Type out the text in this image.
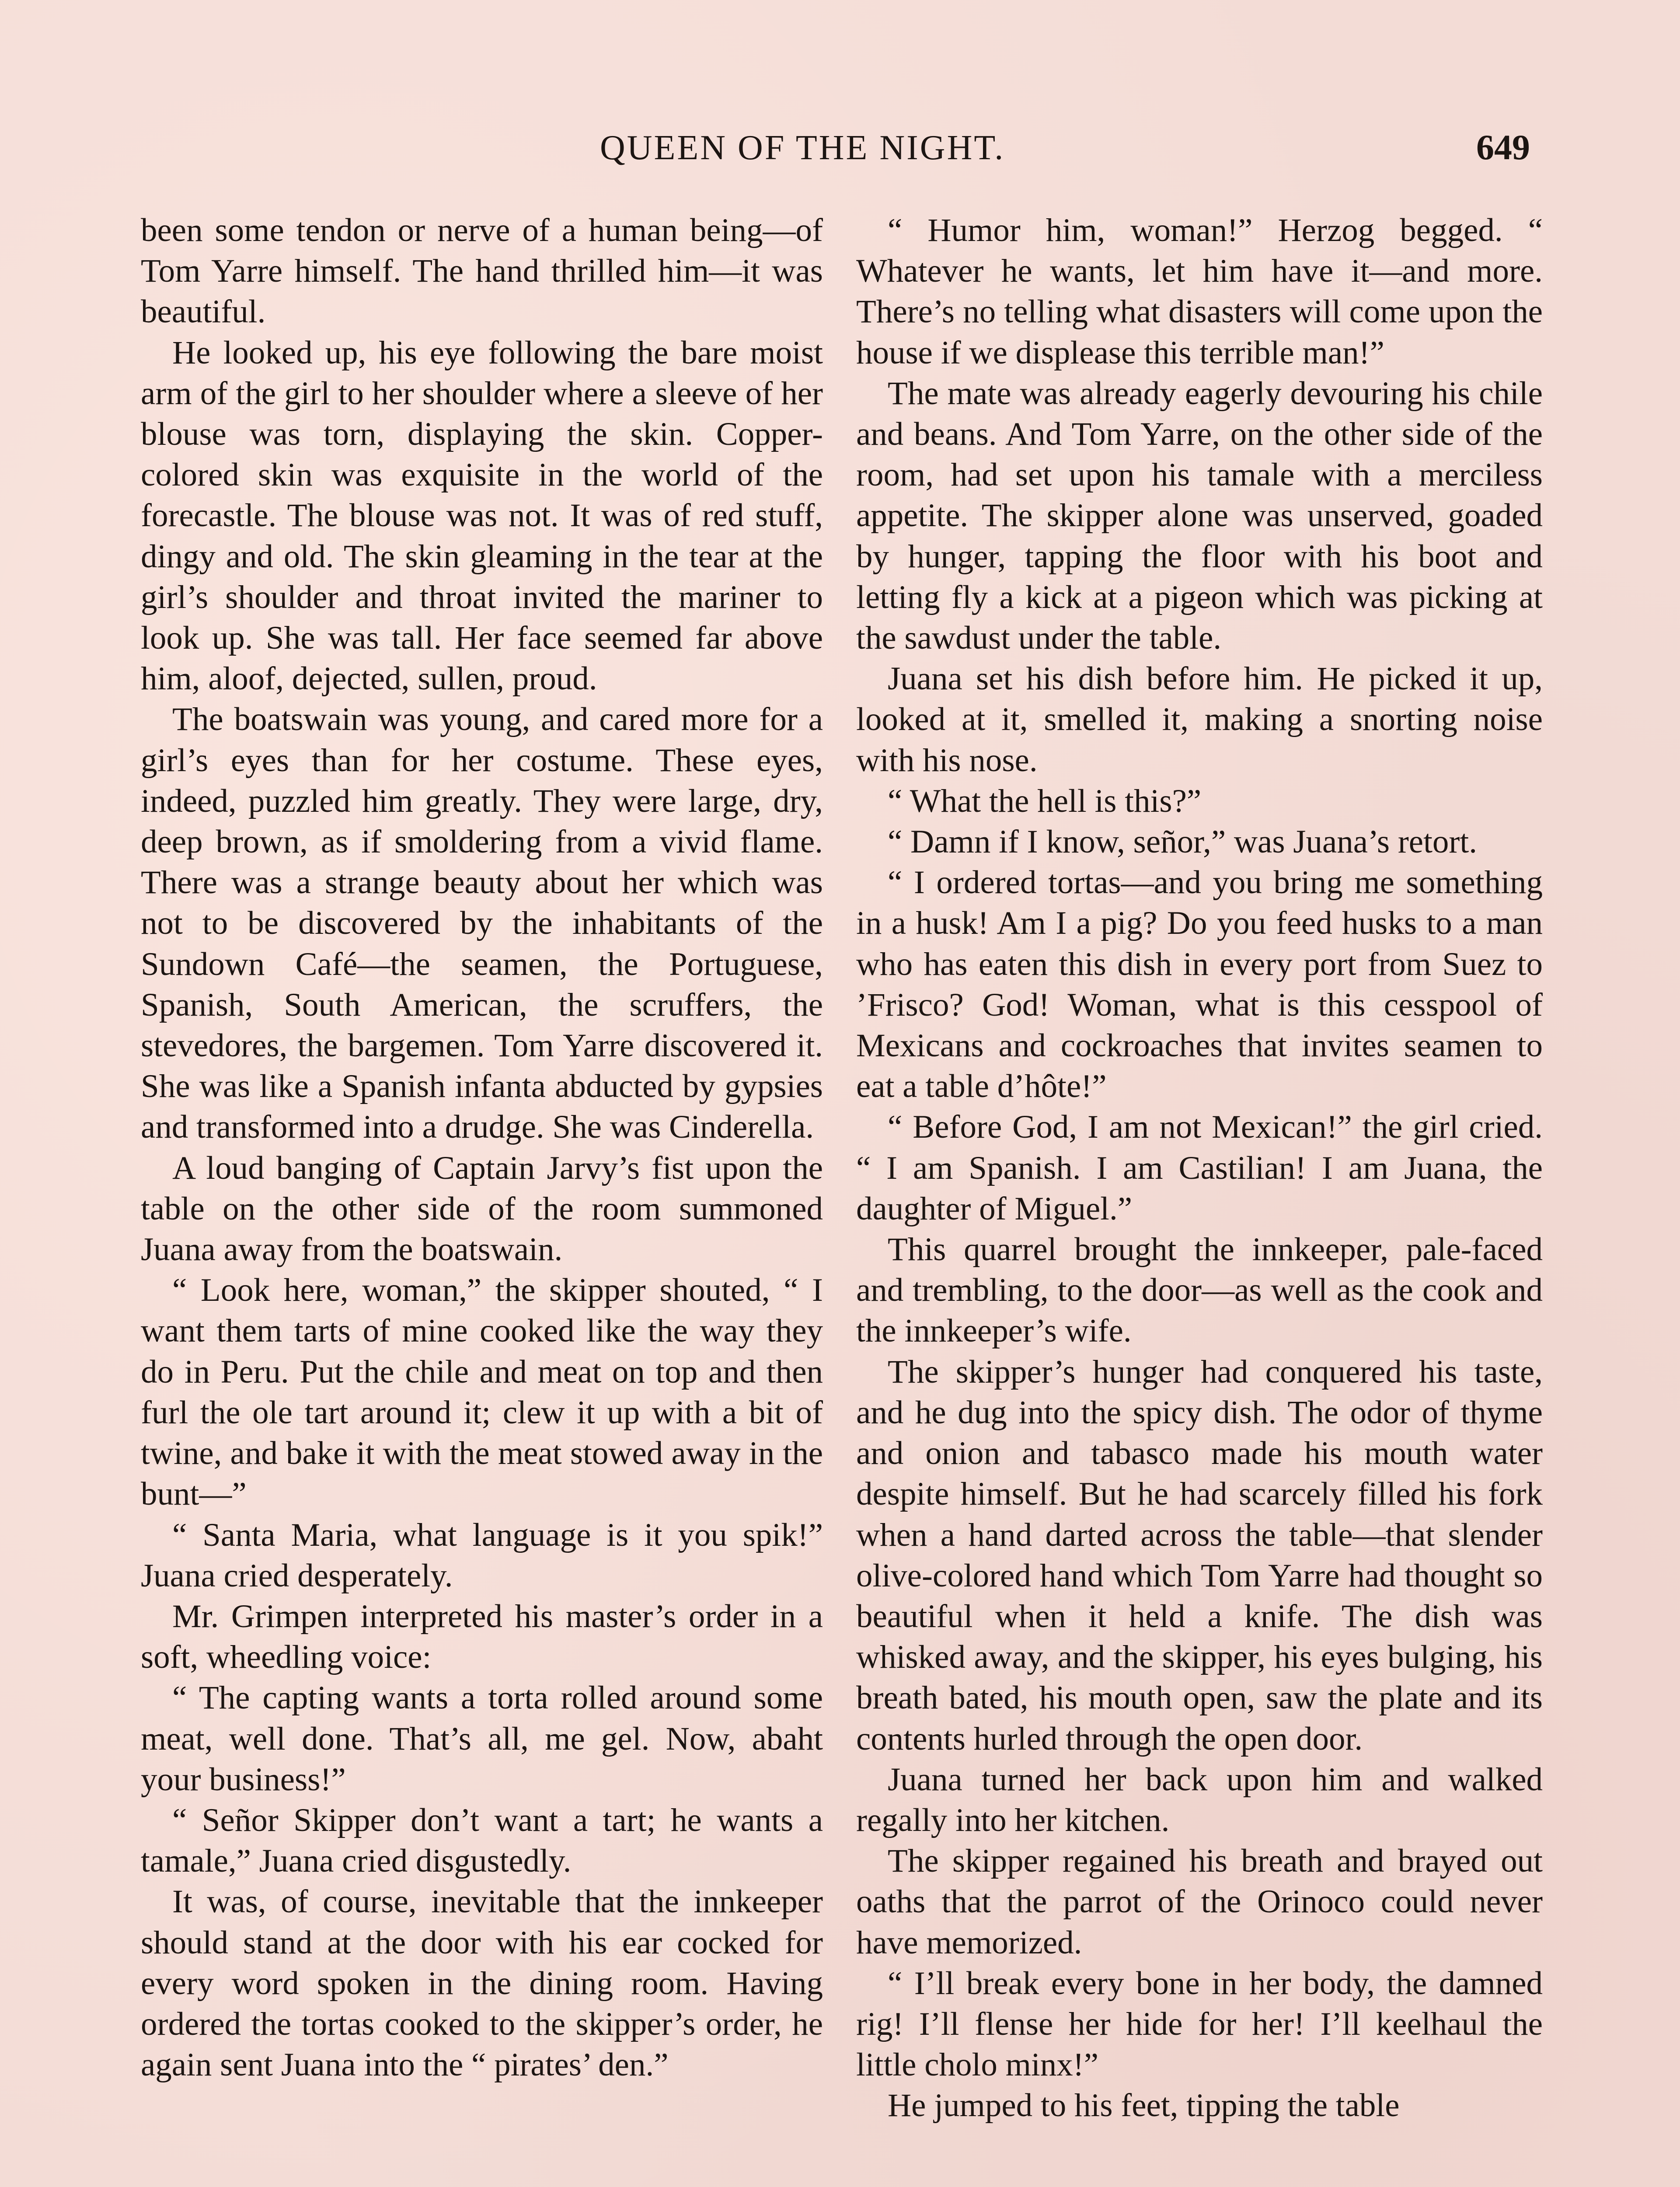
QUEEN OF THE NIGHT.	649

been some tendon or nerve of a human being—of Tom Yarre himself. The hand thrilled him—it was beautiful.

He looked up, his eye following the bare moist arm of the girl to her shoulder where a sleeve of her blouse was torn, displaying the skin. Copper-colored skin was exquisite in the world of the forecastle. The blouse was not. It was of red stuff, dingy and old. The skin gleaming in the tear at the girl’s shoulder and throat invited the mariner to look up. She was tall. Her face seemed far above him, aloof, dejected, sullen, proud.

The boatswain was young, and cared more for a girl’s eyes than for her costume. These eyes, indeed, puzzled him greatly. They were large, dry, deep brown, as if smoldering from a vivid flame. There was a strange beauty about her which was not to be discovered by the inhabitants of the Sundown Café—the seamen, the Portuguese, Spanish, South American, the scruffers, the stevedores, the bargemen. Tom Yarre discovered it. She was like a Spanish infanta abducted by gypsies and transformed into a drudge. She was Cinderella.

A loud banging of Captain Jarvy’s fist upon the table on the other side of the room summoned Juana away from the boatswain.

“ Look here, woman,” the skipper shouted, “ I want them tarts of mine cooked like the way they do in Peru. Put the chile and meat on top and then furl the ole tart around it; clew it up with a bit of twine, and bake it with the meat stowed away in the bunt—”

“ Santa Maria, what language is it you spik!” Juana cried desperately.

Mr. Grimpen interpreted his master’s order in a soft, wheedling voice:

“ The capting wants a torta rolled around some meat, well done. That’s all, me gel. Now, abaht your business!”

“ Señor Skipper don’t want a tart; he wants a tamale,” Juana cried disgustedly.

It was, of course, inevitable that the innkeeper should stand at the door with his ear cocked for every word spoken in the dining room. Having ordered the tortas cooked to the skipper’s order, he again sent Juana into the “ pirates’ den.”

“ Humor him, woman!” Herzog begged. “ Whatever he wants, let him have it—and more. There’s no telling what disasters will come upon the house if we displease this terrible man!”

The mate was already eagerly devouring his chile and beans. And Tom Yarre, on the other side of the room, had set upon his tamale with a merciless appetite. The skipper alone was unserved, goaded by hunger, tapping the floor with his boot and letting fly a kick at a pigeon which was picking at the sawdust under the table.

Juana set his dish before him. He picked it up, looked at it, smelled it, making a snorting noise with his nose.

“ What the hell is this?”

“ Damn if I know, señor,” was Juana’s retort.

“ I ordered tortas—and you bring me something in a husk! Am I a pig? Do you feed husks to a man who has eaten this dish in every port from Suez to ’Frisco? God! Woman, what is this cesspool of Mexicans and cockroaches that invites seamen to eat a table d’hôte!”

“ Before God, I am not Mexican!” the girl cried. “ I am Spanish. I am Castilian! I am Juana, the daughter of Miguel.”

This quarrel brought the innkeeper, pale-faced and trembling, to the door—as well as the cook and the innkeeper’s wife.

The skipper’s hunger had conquered his taste, and he dug into the spicy dish. The odor of thyme and onion and tabasco made his mouth water despite himself. But he had scarcely filled his fork when a hand darted across the table—that slender olive-colored hand which Tom Yarre had thought so beautiful when it held a knife. The dish was whisked away, and the skipper, his eyes bulging, his breath bated, his mouth open, saw the plate and its contents hurled through the open door.

Juana turned her back upon him and walked regally into her kitchen.

The skipper regained his breath and brayed out oaths that the parrot of the Orinoco could never have memorized.

“ I’ll break every bone in her body, the damned rig! I’ll flense her hide for her! I’ll keelhaul the little cholo minx!”

He jumped to his feet, tipping the table
